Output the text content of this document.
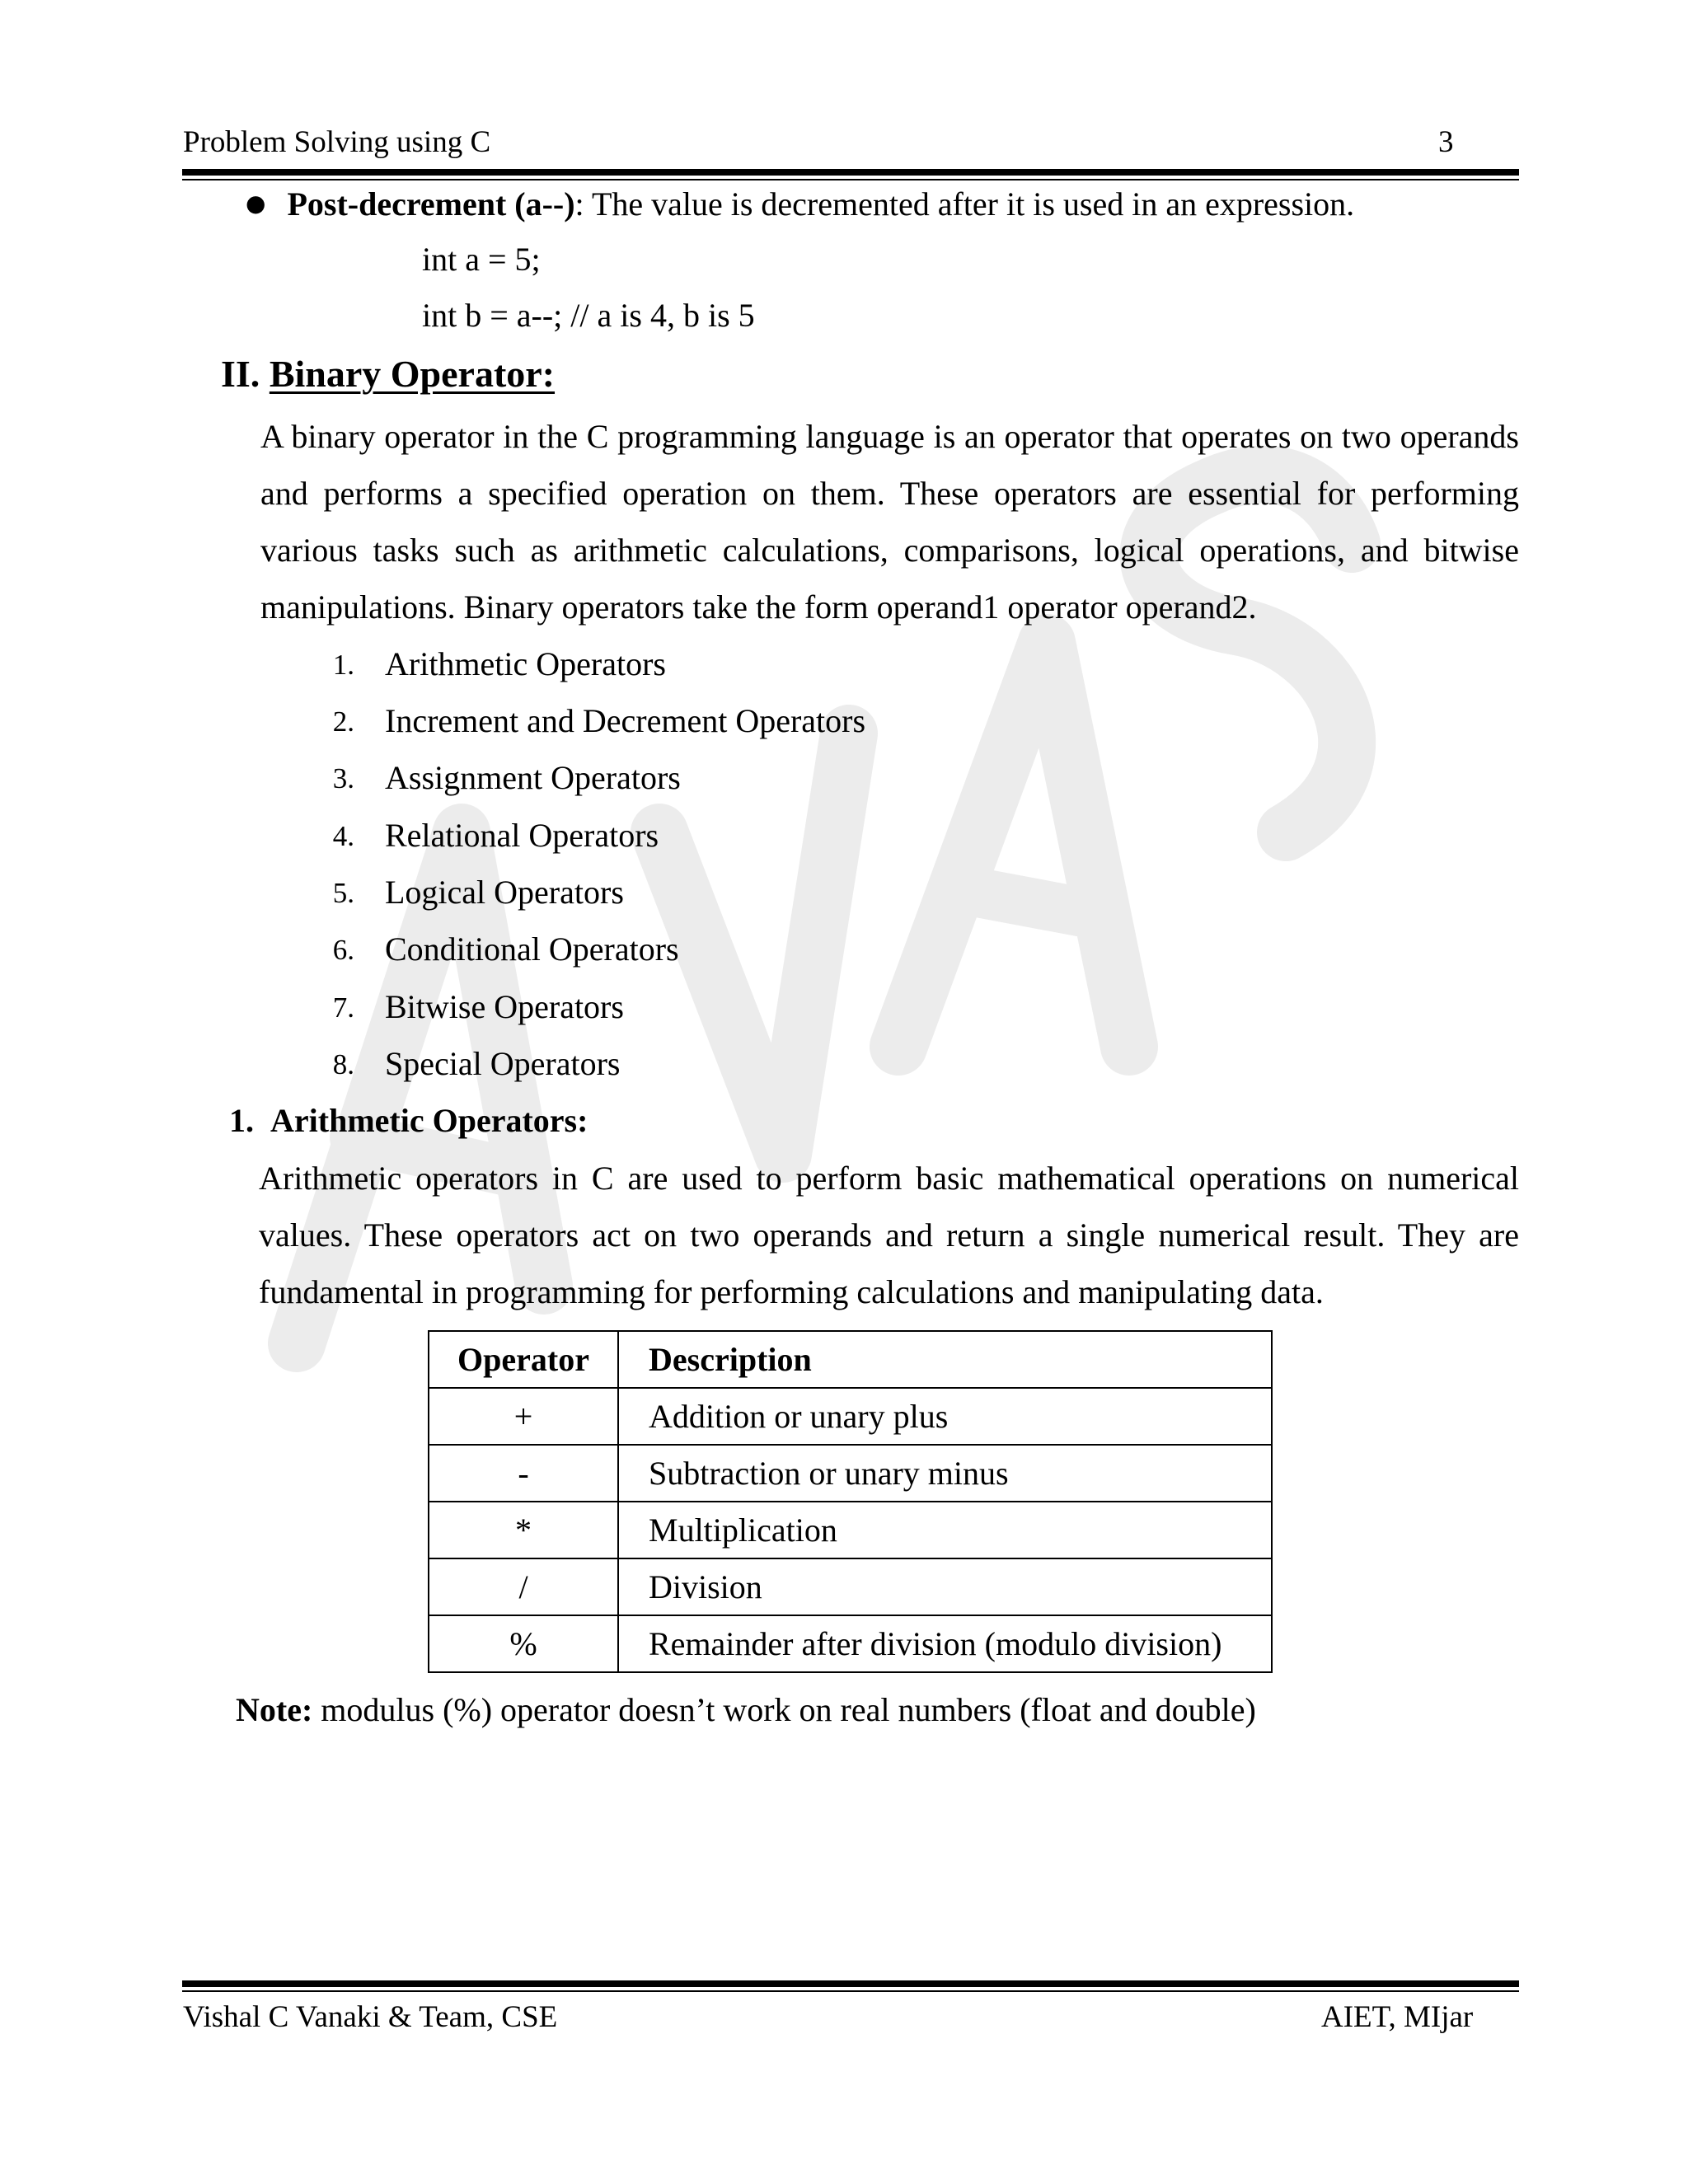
Problem Solving using C	3
● Post-decrement (a--): The value is decremented after it is used in an expression.
int a = 5;
int b = a--; // a is 4, b is 5
II. Binary Operator:
A binary operator in the C programming language is an operator that operates on two operands
and performs a specified operation on them. These operators are essential for performing
various tasks such as arithmetic calculations, comparisons, logical operations, and bitwise
manipulations. Binary operators take the form operand1 operator operand2.
1. Arithmetic Operators
2. Increment and Decrement Operators
3. Assignment Operators
4. Relational Operators
5. Logical Operators
6. Conditional Operators
7. Bitwise Operators
8. Special Operators
1. Arithmetic Operators:
Arithmetic operators in C are used to perform basic mathematical operations on numerical
values. These operators act on two operands and return a single numerical result. They are
fundamental in programming for performing calculations and manipulating data.
Operator	Description
+	Addition or unary plus
-	Subtraction or unary minus
*	Multiplication
/	Division
%	Remainder after division (modulo division)
Note: modulus (%) operator doesn’t work on real numbers (float and double)
Vishal C Vanaki & Team, CSE	AIET, MIjar
